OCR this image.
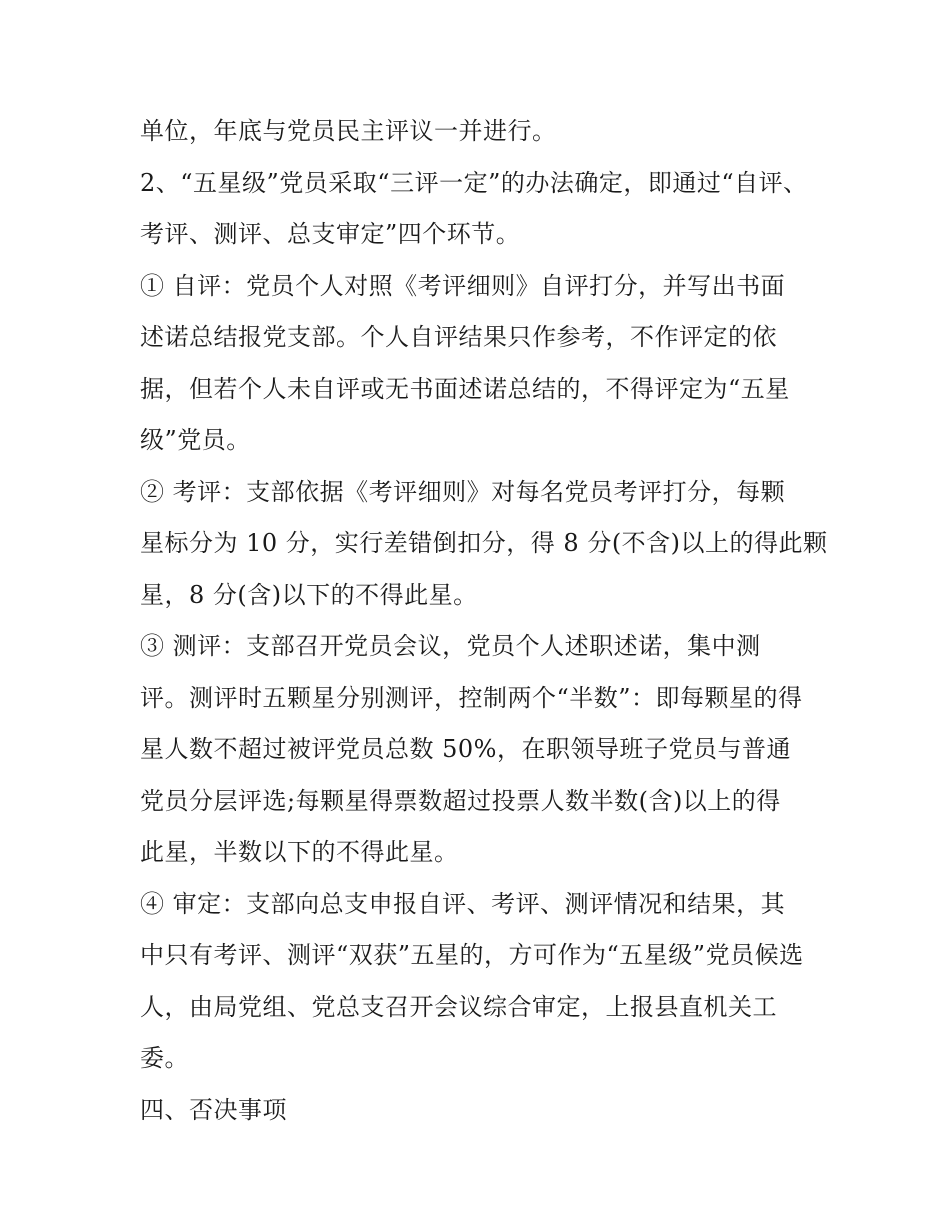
单位，年底与党员民主评议一并进行。
2、“五星级”党员采取“三评一定”的办法确定，即通过“自评、
考评、测评、总支审定”四个环节。
① 自评：党员个人对照《考评细则》自评打分，并写出书面
述诺总结报党支部。个人自评结果只作参考，不作评定的依
据，但若个人未自评或无书面述诺总结的，不得评定为“五星
级”党员。
② 考评：支部依据《考评细则》对每名党员考评打分，每颗
星标分为 10 分，实行差错倒扣分，得 8 分(不含)以上的得此颗
星，8 分(含)以下的不得此星。
③ 测评：支部召开党员会议，党员个人述职述诺，集中测
评。测评时五颗星分别测评，控制两个“半数”：即每颗星的得
星人数不超过被评党员总数 50%，在职领导班子党员与普通
党员分层评选;每颗星得票数超过投票人数半数(含)以上的得
此星，半数以下的不得此星。
④ 审定：支部向总支申报自评、考评、测评情况和结果，其
中只有考评、测评“双获”五星的，方可作为“五星级”党员候选
人，由局党组、党总支召开会议综合审定，上报县直机关工
委。
四、否决事项
